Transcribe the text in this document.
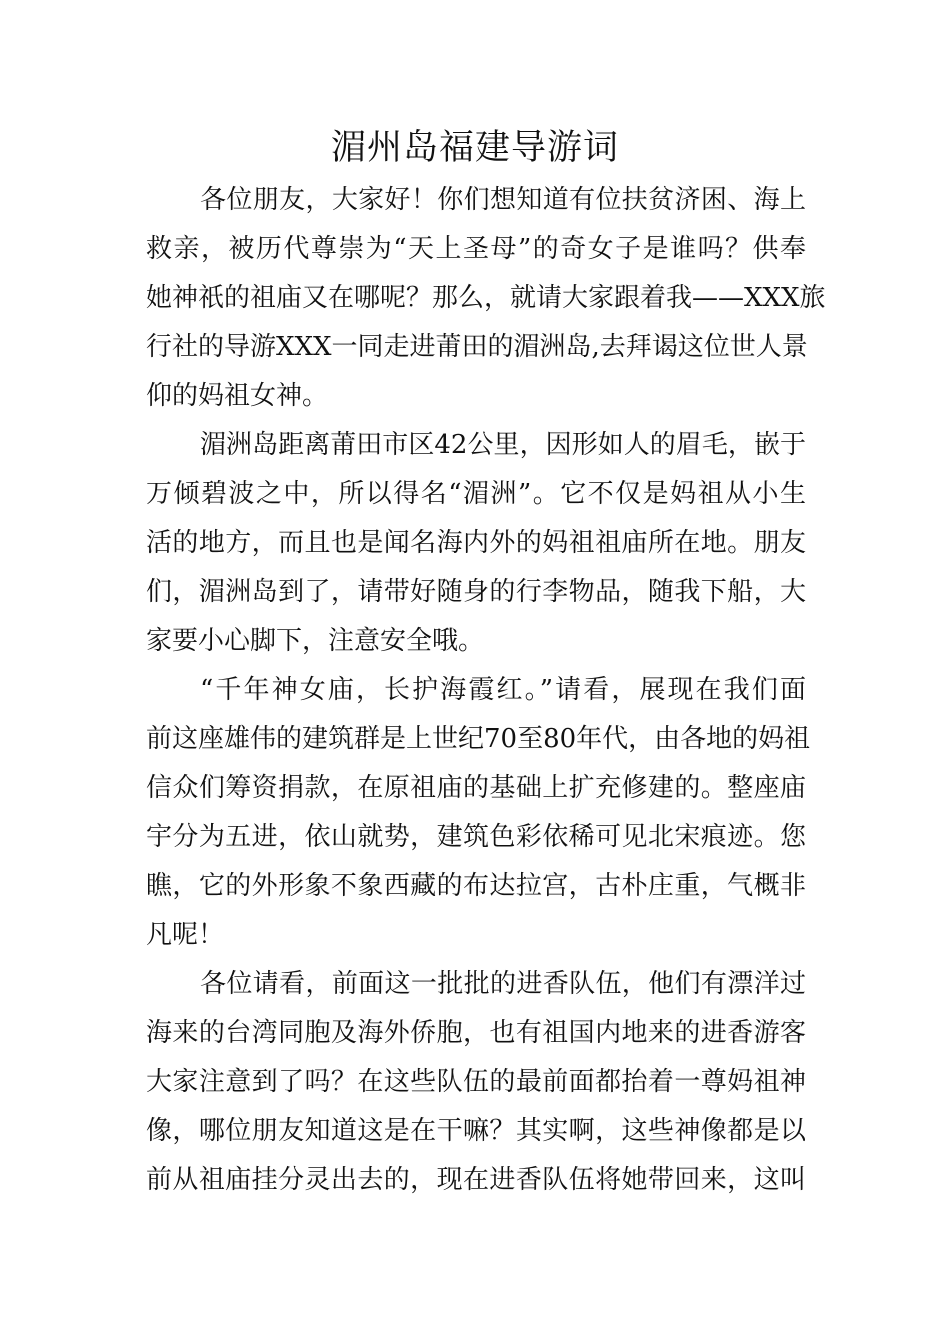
湄州岛福建导游词
各位朋友，大家好！你们想知道有位扶贫济困、海上
救亲，被历代尊崇为“天上圣母”的奇女子是谁吗？供奉
她神祇的祖庙又在哪呢？那么，就请大家跟着我——XXX旅
行社的导游XXX一同走进莆田的湄洲岛,去拜谒这位世人景
仰的妈祖女神。
湄洲岛距离莆田市区42公里，因形如人的眉毛，嵌于
万倾碧波之中，所以得名“湄洲”。它不仅是妈祖从小生
活的地方，而且也是闻名海内外的妈祖祖庙所在地。朋友
们，湄洲岛到了，请带好随身的行李物品，随我下船，大
家要小心脚下，注意安全哦。
“千年神女庙，长护海霞红。”请看，展现在我们面
前这座雄伟的建筑群是上世纪70至80年代，由各地的妈祖
信众们筹资捐款，在原祖庙的基础上扩充修建的。整座庙
宇分为五进，依山就势，建筑色彩依稀可见北宋痕迹。您
瞧，它的外形象不象西藏的布达拉宫，古朴庄重，气概非
凡呢！
各位请看，前面这一批批的进香队伍，他们有漂洋过
海来的台湾同胞及海外侨胞，也有祖国内地来的进香游客
大家注意到了吗？在这些队伍的最前面都抬着一尊妈祖神
像，哪位朋友知道这是在干嘛？其实啊，这些神像都是以
前从祖庙挂分灵出去的，现在进香队伍将她带回来，这叫
